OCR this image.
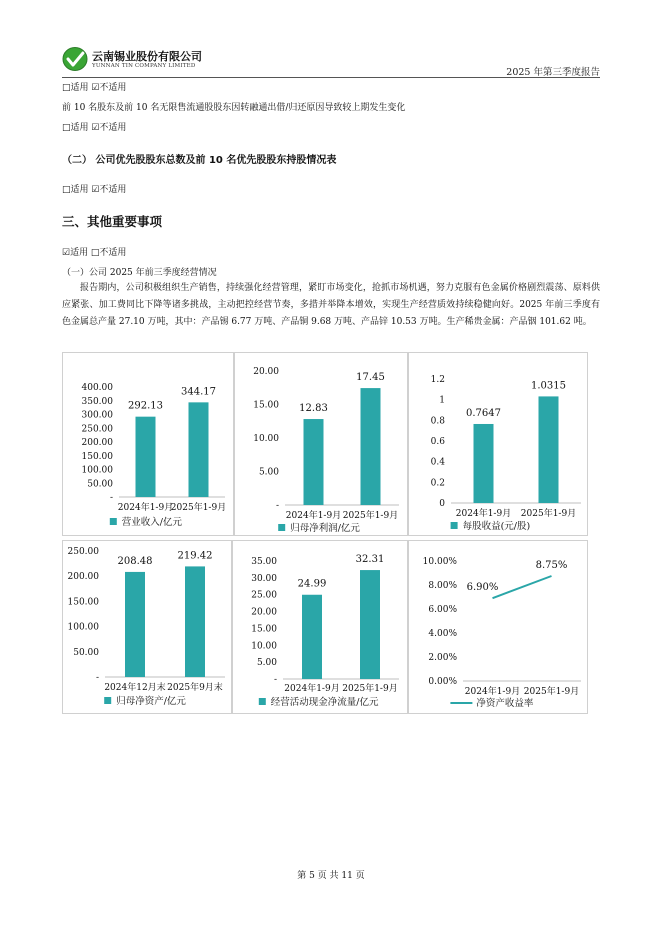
云南锡业股份有限公司
YUNNAN TIN COMPANY LIMITED
2025 年第三季度报告
□适用 ☑不适用
前 10 名股东及前 10 名无限售流通股股东因转融通出借/归还原因导致较上期发生变化
□适用 ☑不适用
（二） 公司优先股股东总数及前 10 名优先股股东持股情况表
□适用 ☑不适用
三、其他重要事项
☑适用 □不适用
（一）公司 2025 年前三季度经营情况
报告期内，公司积极组织生产销售，持续强化经营管理，紧盯市场变化，抢抓市场机遇，努力克服有色金属价格剧烈震荡、原料供应紧张、加工费同比下降等诸多挑战，主动把控经营节奏，多措并举降本增效，实现生产经营质效持续稳健向好。2025 年前三季度有色金属总产量 27.10 万吨，其中：产品锡 6.77 万吨、产品铜 9.68 万吨、产品锌 10.53 万吨。生产稀贵金属：产品铟 101.62 吨。
-
50.00
100.00
150.00
200.00
250.00
300.00
350.00
400.00
292.13
344.17
2024年1-9月
2025年1-9月
营业收入/亿元
-
5.00
10.00
15.00
20.00
12.83
17.45
2024年1-9月 2025年1-9月
归母净利润/亿元
0
0.2
0.4
0.6
0.8
1
1.2
0.7647
1.0315
2024年1-9月 2025年1-9月
每股收益(元/股)
-
50.00
100.00
150.00
200.00
250.00
208.48
219.42
2024年12月末 2025年9月末
归母净资产/亿元
-
5.00
10.00
15.00
20.00
25.00
30.00
35.00
24.99
32.31
2024年1-9月 2025年1-9月
经营活动现金净流量/亿元
0.00%
2.00%
4.00%
6.00%
8.00%
10.00%
6.90%
8.75%
2024年1-9月 2025年1-9月
净资产收益率
第 5 页 共 11 页
